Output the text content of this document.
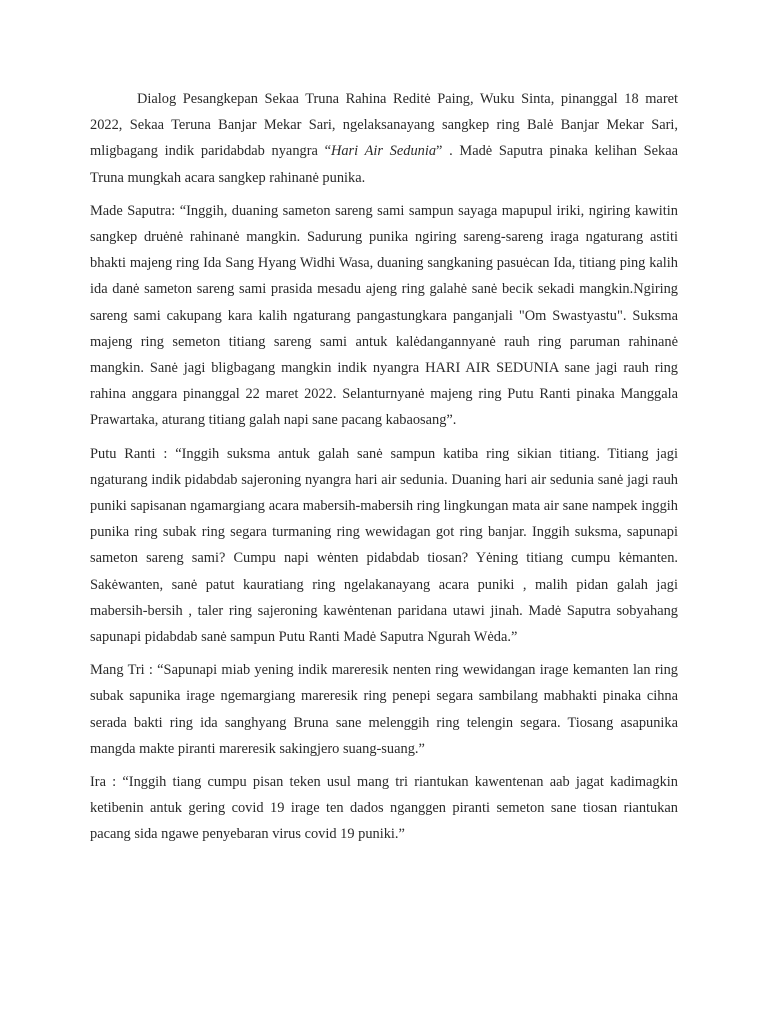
Dialog Pesangkepan Sekaa Truna Rahina Reditė Paing, Wuku Sinta, pinanggal 18 maret 2022, Sekaa Teruna Banjar Mekar Sari, ngelaksanayang sangkep ring Balė Banjar Mekar Sari, mligbagang indik paridabdab nyangra “Hari Air Sedunia” . Madė Saputra pinaka kelihan Sekaa Truna mungkah acara sangkep rahinanė punika.

Made Saputra: “Inggih, duaning sameton sareng sami sampun sayaga mapupul iriki, ngiring kawitin sangkep druėnė rahinanė mangkin. Sadurung punika ngiring sareng-sareng iraga ngaturang astiti bhakti majeng ring Ida Sang Hyang Widhi Wasa, duaning sangkaning pasuėcan Ida, titiang ping kalih ida danė sameton sareng sami prasida mesadu ajeng ring galahė sanė becik sekadi mangkin.Ngiring sareng sami cakupang kara kalih ngaturang pangastungkara panganjali "Om Swastyastu". Suksma majeng ring semeton titiang sareng sami antuk kalėdangannyanė rauh ring paruman rahinanė mangkin. Sanė jagi bligbagang mangkin indik nyangra HARI AIR SEDUNIA sane jagi rauh ring rahina anggara pinanggal 22 maret 2022. Selanturnyanė majeng ring Putu Ranti pinaka Manggala Prawartaka, aturang titiang galah napi sane pacang kabaosang”.

Putu Ranti : “Inggih suksma antuk galah sanė sampun katiba ring sikian titiang. Titiang jagi ngaturang indik pidabdab sajeroning nyangra hari air sedunia. Duaning hari air sedunia sanė jagi rauh puniki sapisanan ngamargiang acara mabersih-mabersih ring lingkungan mata air sane nampek inggih punika ring subak ring segara turmaning ring wewidagan got ring banjar. Inggih suksma, sapunapi sameton sareng sami? Cumpu napi wėnten pidabdab tiosan? Yėning titiang cumpu kėmanten. Sakėwanten, sanė patut kauratiang ring ngelakanayang acara puniki , malih pidan galah jagi mabersih-bersih , taler ring sajeroning kawėntenan paridana utawi jinah. Madė Saputra sobyahang sapunapi pidabdab sanė sampun Putu Ranti Madė Saputra Ngurah Wėda.”

Mang Tri : “Sapunapi miab yening indik mareresik nenten ring wewidangan irage kemanten lan ring subak sapunika irage ngemargiang mareresik ring penepi segara sambilang mabhakti pinaka cihna serada bakti ring ida sanghyang Bruna sane melenggih ring telengin segara. Tiosang asapunika mangda makte piranti mareresik sakingjero suang-suang.”

Ira : “Inggih tiang cumpu pisan teken usul mang tri riantukan kawentenan aab jagat kadimagkin ketibenin antuk gering covid 19 irage ten dados nganggen piranti semeton sane tiosan riantukan pacang sida ngawe penyebaran virus covid 19 puniki.”
